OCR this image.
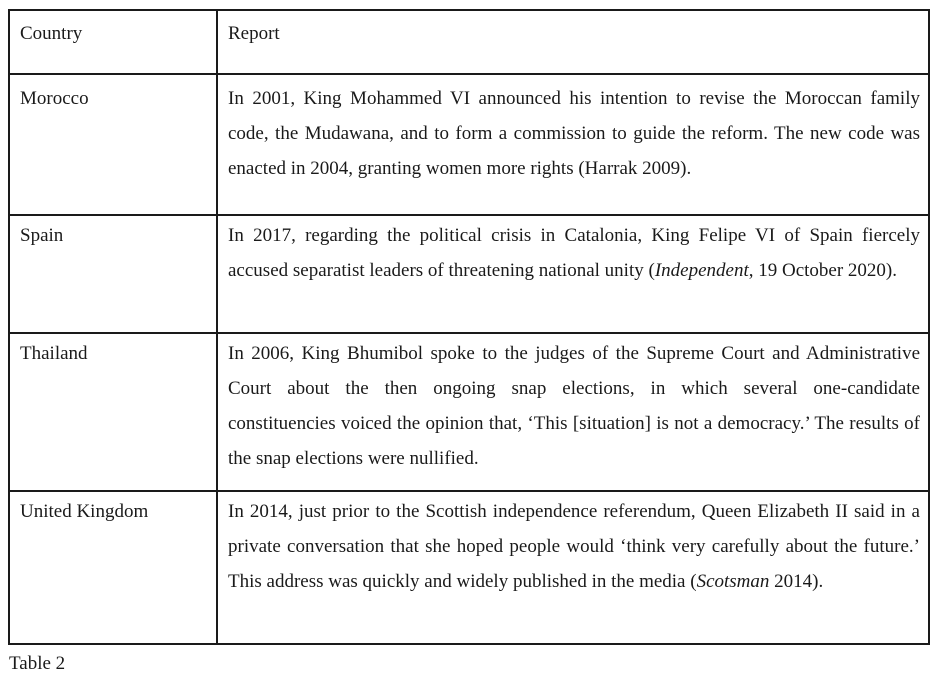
Country	Report

Morocco	In 2001, King Mohammed VI announced his intention to revise the Moroccan family code, the Mudawana, and to form a commission to guide the reform. The new code was enacted in 2004, granting women more rights (Harrak 2009).

Spain	In 2017, regarding the political crisis in Catalonia, King Felipe VI of Spain fiercely accused separatist leaders of threatening national unity (Independent, 19 October 2020).

Thailand	In 2006, King Bhumibol spoke to the judges of the Supreme Court and Administrative Court about the then ongoing snap elections, in which several one-candidate constituencies voiced the opinion that, ‘This [situation] is not a democracy.’ The results of the snap elections were nullified.

United Kingdom	In 2014, just prior to the Scottish independence referendum, Queen Elizabeth II said in a private conversation that she hoped people would ‘think very carefully about the future.’ This address was quickly and widely published in the media (Scotsman 2014).
Table 2
